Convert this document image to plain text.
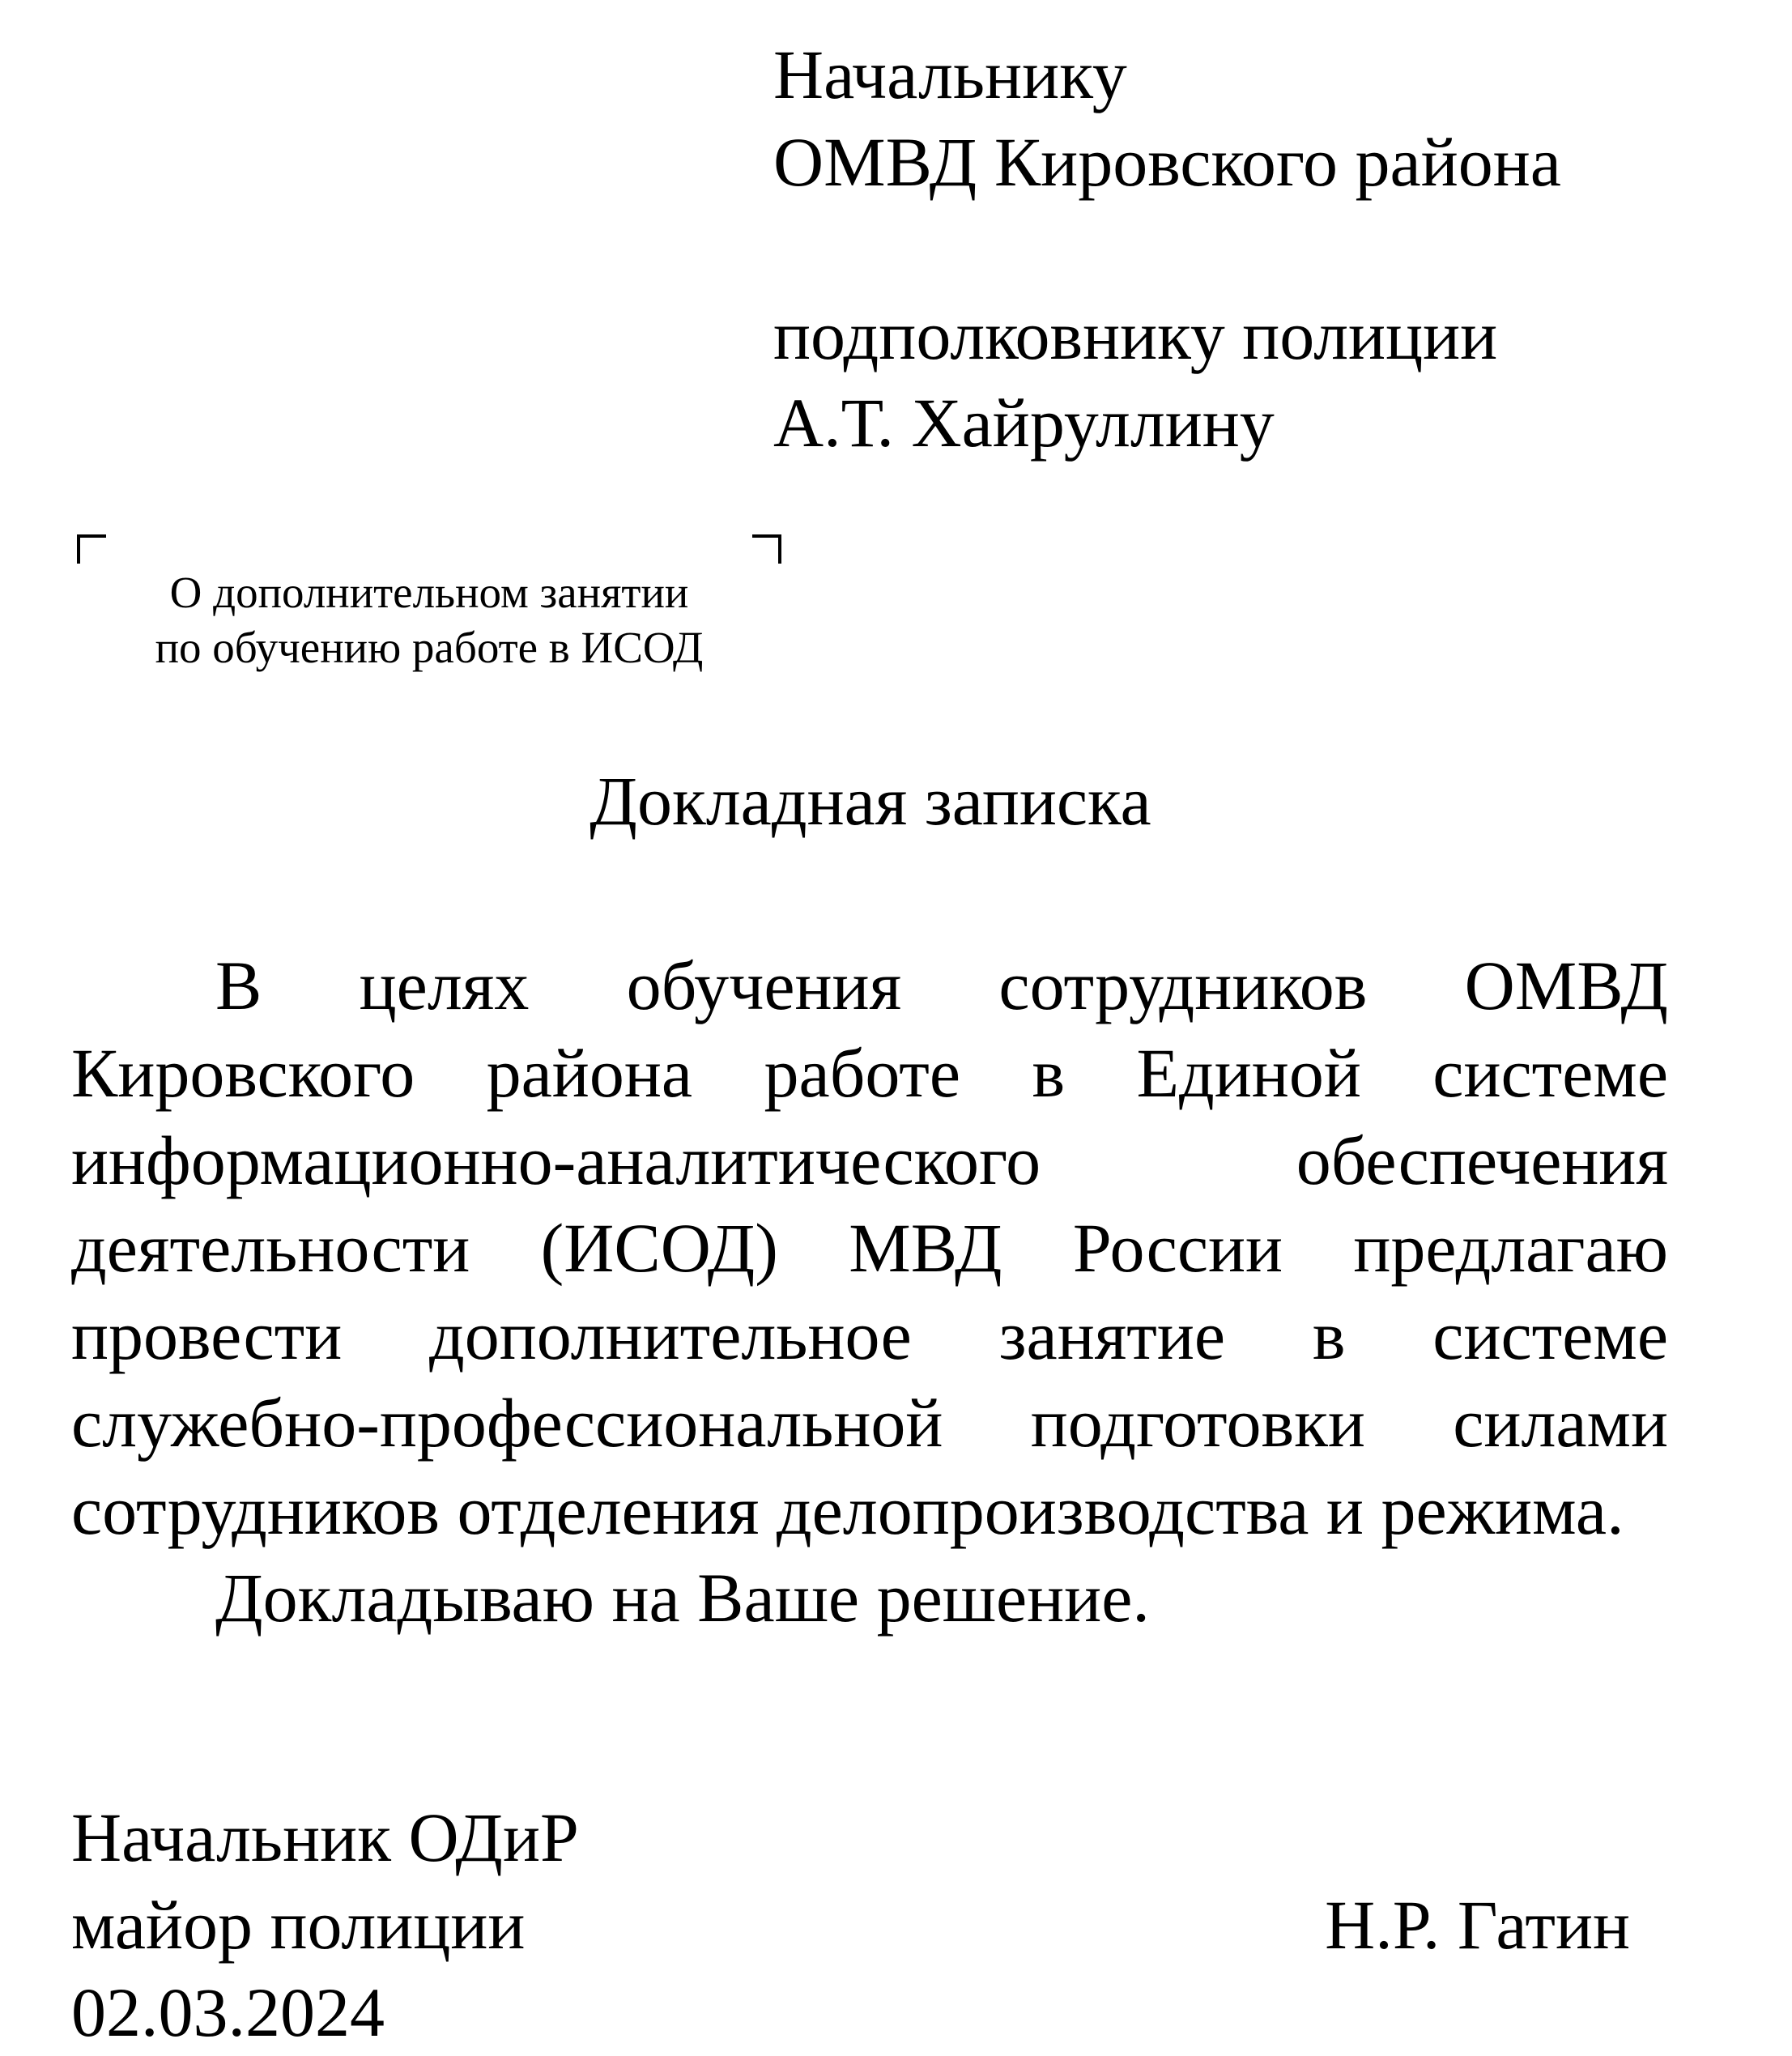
Начальнику
ОМВД Кировского района
подполковнику полиции
А.Т. Хайруллину
О дополнительном занятии
по обучению работе в ИСОД
Докладная записка

В целях обучения сотрудников ОМВД Кировского района работе в Единой системе информационно-аналитического обеспечения деятельности (ИСОД) МВД России предлагаю провести дополнительное занятие в системе служебно-профессиональной подготовки силами сотрудников отделения делопроизводства и режима.

Докладываю на Ваше решение.

Начальник ОДиР
майор полиции	Н.Р. Гатин
02.03.2024
